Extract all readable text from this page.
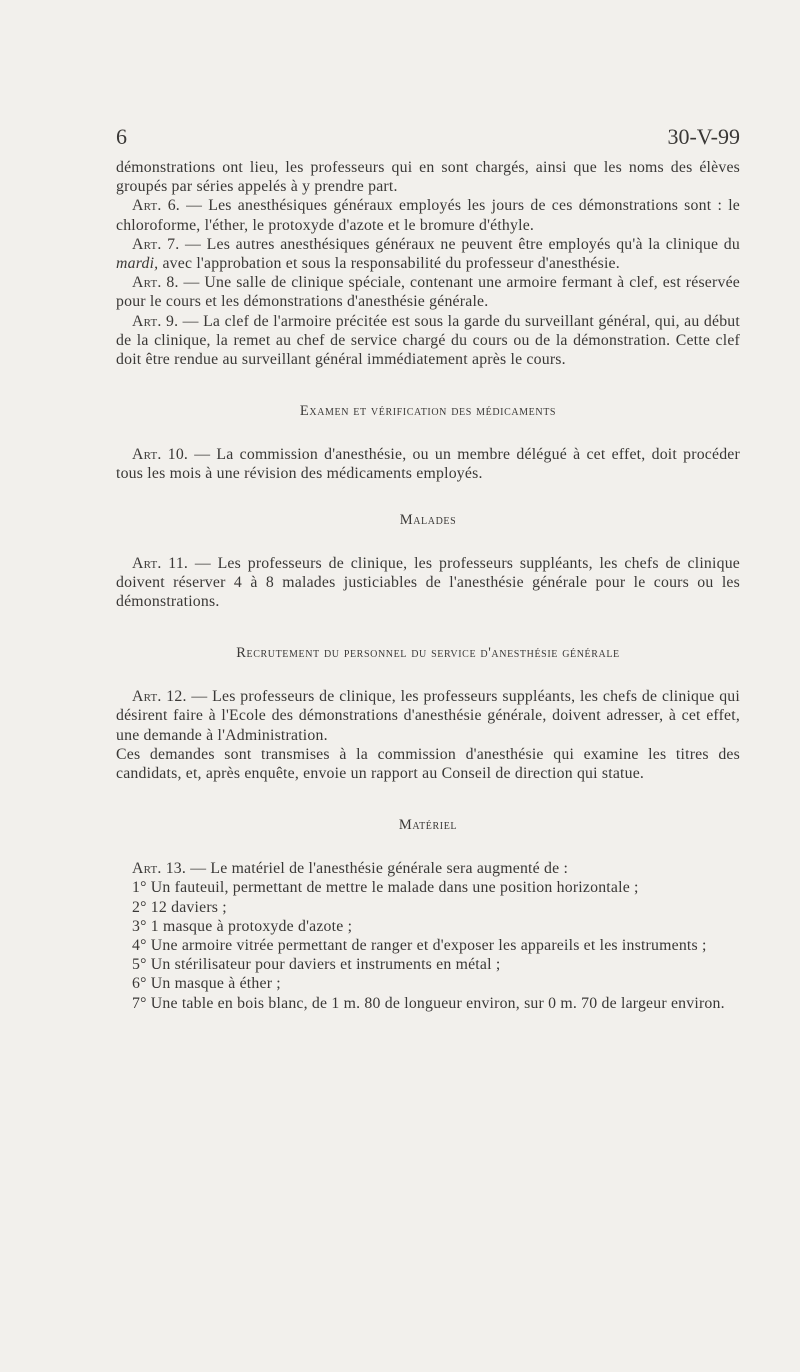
6	30-V-99

démonstrations ont lieu, les professeurs qui en sont chargés, ainsi que les noms des élèves groupés par séries appelés à y prendre part.

Art. 6. — Les anesthésiques généraux employés les jours de ces démonstrations sont : le chloroforme, l'éther, le protoxyde d'azote et le bromure d'éthyle.

Art. 7. — Les autres anesthésiques généraux ne peuvent être employés qu'à la clinique du mardi, avec l'approbation et sous la responsabilité du professeur d'anesthésie.

Art. 8. — Une salle de clinique spéciale, contenant une armoire fermant à clef, est réservée pour le cours et les démonstrations d'anesthésie générale.

Art. 9. — La clef de l'armoire précitée est sous la garde du surveillant général, qui, au début de la clinique, la remet au chef de service chargé du cours ou de la démonstration. Cette clef doit être rendue au surveillant général immédiatement après le cours.

Examen et vérification des médicaments

Art. 10. — La commission d'anesthésie, ou un membre délégué à cet effet, doit procéder tous les mois à une révision des médicaments employés.

Malades

Art. 11. — Les professeurs de clinique, les professeurs suppléants, les chefs de clinique doivent réserver 4 à 8 malades justiciables de l'anesthésie générale pour le cours ou les démonstrations.

Recrutement du personnel du service d'anesthésie générale

Art. 12. — Les professeurs de clinique, les professeurs suppléants, les chefs de clinique qui désirent faire à l'Ecole des démonstrations d'anesthésie générale, doivent adresser, à cet effet, une demande à l'Administration.

Ces demandes sont transmises à la commission d'anesthésie qui examine les titres des candidats, et, après enquête, envoie un rapport au Conseil de direction qui statue.

Matériel

Art. 13. — Le matériel de l'anesthésie générale sera augmenté de :

1° Un fauteuil, permettant de mettre le malade dans une position horizontale ;

2° 12 daviers ;

3° 1 masque à protoxyde d'azote ;

4° Une armoire vitrée permettant de ranger et d'exposer les appareils et les instruments ;

5° Un stérilisateur pour daviers et instruments en métal ;

6° Un masque à éther ;

7° Une table en bois blanc, de 1 m. 80 de longueur environ, sur 0 m. 70 de largeur environ.
